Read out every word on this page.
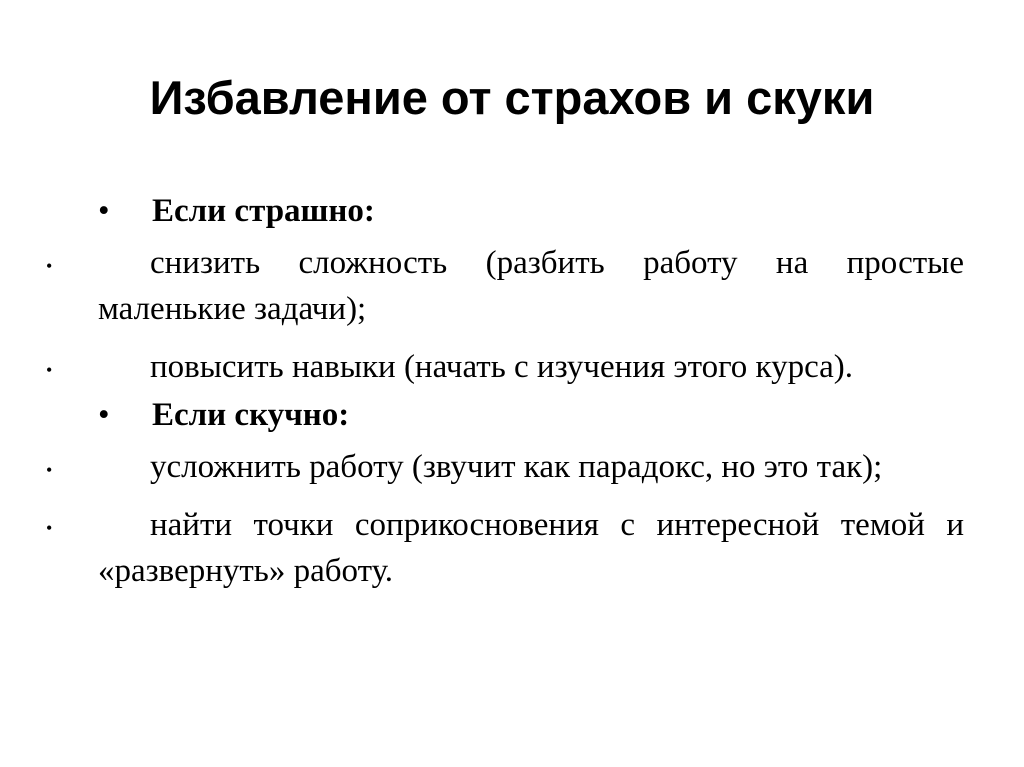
Избавление от страхов и скуки
• Если страшно:
•	снизить сложность (разбить работу на простые маленькие задачи);
•	повысить навыки (начать с изучения этого курса).
• Если скучно:
•	усложнить работу (звучит как парадокс, но это так);
•	найти точки соприкосновения с интересной темой и «развернуть» работу.
